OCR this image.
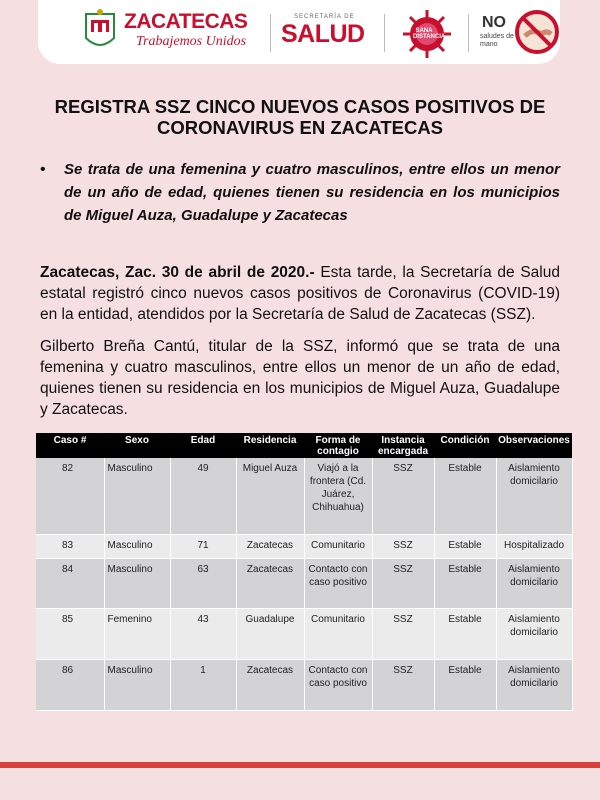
ZACATECAS
Trabajemos Unidos
SECRETARÍA DE
SALUD	SANA DISTANCIA
NO
saludes de mano
REGISTRA SSZ CINCO NUEVOS CASOS POSITIVOS DE CORONAVIRUS EN ZACATECAS
• Se trata de una femenina y cuatro masculinos, entre ellos un menor de un año de edad, quienes tienen su residencia en los municipios de Miguel Auza, Guadalupe y Zacatecas
Zacatecas, Zac. 30 de abril de 2020.- Esta tarde, la Secretaría de Salud estatal registró cinco nuevos casos positivos de Coronavirus (COVID-19) en la entidad, atendidos por la Secretaría de Salud de Zacatecas (SSZ).
Gilberto Breña Cantú, titular de la SSZ, informó que se trata de una femenina y cuatro masculinos, entre ellos un menor de un año de edad, quienes tienen su residencia en los municipios de Miguel Auza, Guadalupe y Zacatecas.
Caso #	Sexo	Edad	Residencia	Forma de contagio	Instancia encargada	Condición	Observaciones
82	Masculino	49	Miguel Auza	Viajó a la frontera (Cd. Juárez, Chihuahua)	SSZ	Estable	Aislamiento domicilario
83	Masculino	71	Zacatecas	Comunitario	SSZ	Estable	Hospitalizado
84	Masculino	63	Zacatecas	Contacto con caso positivo	SSZ	Estable	Aislamiento domicilario
85	Femenino	43	Guadalupe	Comunitario	SSZ	Estable	Aislamiento domicilario
86	Masculino	1	Zacatecas	Contacto con caso positivo	SSZ	Estable	Aislamiento domicilario
